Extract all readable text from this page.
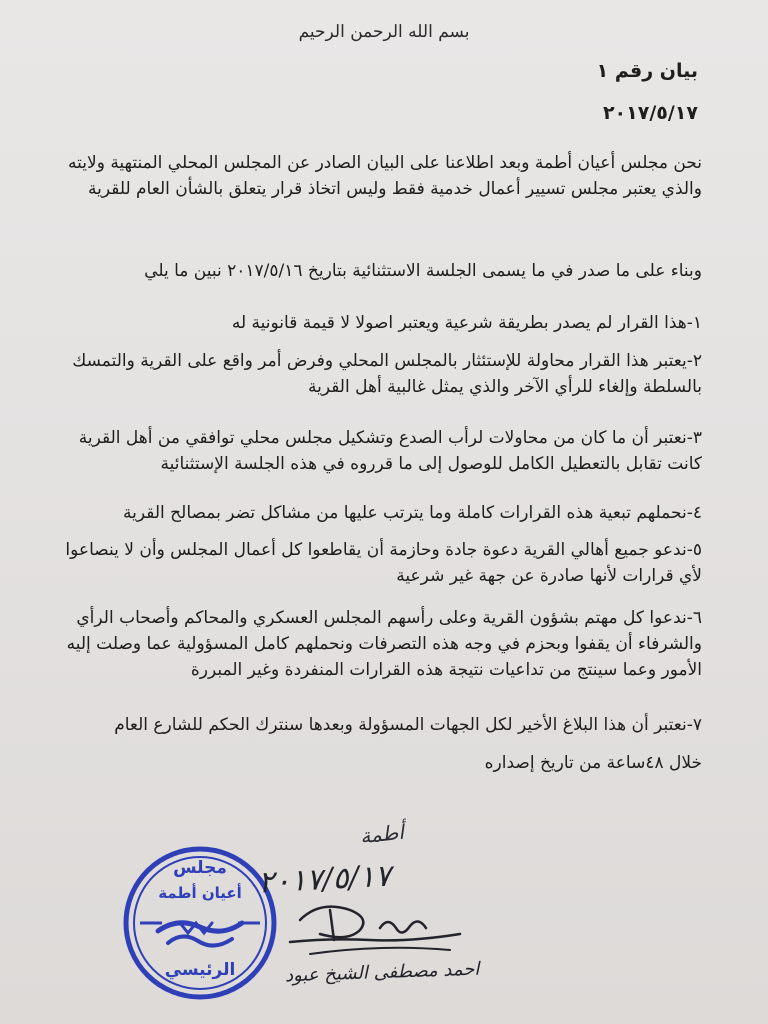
بسم الله الرحمن الرحيم
بيان رقم ١
٢٠١٧/٥/١٧
نحن مجلس أعيان أطمة وبعد اطلاعنا على البيان الصادر عن المجلس المحلي المنتهية ولايته والذي يعتبر مجلس تسيير أعمال خدمية فقط وليس اتخاذ قرار يتعلق بالشأن العام للقرية
وبناء على ما صدر في ما يسمى الجلسة الاستثنائية بتاريخ ٢٠١٧/٥/١٦ نبين ما يلي
١-هذا القرار لم يصدر بطريقة شرعية ويعتبر اصولا لا قيمة قانونية له
٢-يعتبر هذا القرار محاولة للإستئثار بالمجلس المحلي وفرض أمر واقع على القرية والتمسك بالسلطة وإلغاء للرأي الآخر والذي يمثل غالبية أهل القرية
٣-نعتبر أن ما كان من محاولات لرأب الصدع وتشكيل مجلس محلي توافقي من أهل القرية كانت تقابل بالتعطيل الكامل للوصول إلى ما قرروه في هذه الجلسة الإستثنائية
٤-نحملهم تبعية هذه القرارات كاملة وما يترتب عليها من مشاكل تضر بمصالح القرية
٥-ندعو جميع أهالي القرية دعوة جادة وحازمة أن يقاطعوا كل أعمال المجلس وأن لا ينصاعوا لأي قرارات لأنها صادرة عن جهة غير شرعية
٦-ندعوا كل مهتم بشؤون القرية وعلى رأسهم المجلس العسكري والمحاكم وأصحاب الرأي والشرفاء أن يقفوا وبحزم في وجه هذه التصرفات ونحملهم كامل المسؤولية عما وصلت إليه الأمور وعما سينتج من تداعيات نتيجة هذه القرارات المنفردة وغير المبررة
٧-نعتبر أن هذا البلاغ الأخير لكل الجهات المسؤولة وبعدها سنترك الحكم للشارع العام
خلال ٤٨ساعة من تاريخ إصداره
مجلس
أعيان أطمة
الرئيسي
أطمة
٢٠١٧/٥/١٧
احمد مصطفى الشيخ عبود
